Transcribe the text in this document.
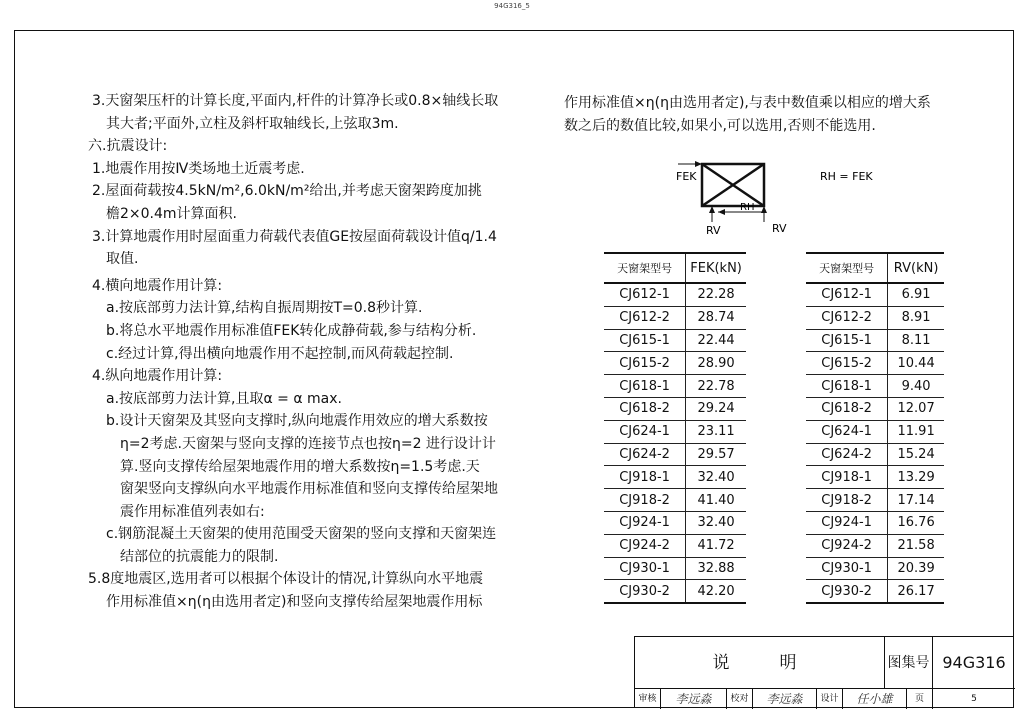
94G316_5

3.天窗架压杆的计算长度,平面内,杆件的计算净长或0.8×轴线长取

其大者;平面外,立柱及斜杆取轴线长,上弦取3m.

六.抗震设计:

1.地震作用按Ⅳ类场地土近震考虑.

2.屋面荷载按4.5kN/m²,6.0kN/m²给出,并考虑天窗架跨度加挑

檐2×0.4m计算面积.

3.计算地震作用时屋面重力荷载代表值GE按屋面荷载设计值q/1.4

取值.

4.横向地震作用计算:

a.按底部剪力法计算,结构自振周期按T=0.8秒计算.

b.将总水平地震作用标准值FEK转化成静荷载,参与结构分析.

c.经过计算,得出横向地震作用不起控制,而风荷载起控制.

4.纵向地震作用计算:

a.按底部剪力法计算,且取α = α max.

b.设计天窗架及其竖向支撑时,纵向地震作用效应的增大系数按

η=2考虑.天窗架与竖向支撑的连接节点也按η=2 进行设计计

算.竖向支撑传给屋架地震作用的增大系数按η=1.5考虑.天

窗架竖向支撑纵向水平地震作用标准值和竖向支撑传给屋架地

震作用标准值列表如右:

c.钢筋混凝土天窗架的使用范围受天窗架的竖向支撑和天窗架连

结部位的抗震能力的限制.

5.8度地震区,选用者可以根据个体设计的情况,计算纵向水平地震

作用标准值×η(η由选用者定)和竖向支撑传给屋架地震作用标

作用标准值×η(η由选用者定),与表中数值乘以相应的增大系

数之后的数值比较,如果小,可以选用,否则不能选用.

FEK
RH
RV	RV
RH = FEK
天窗架型号	FEK(kN)
CJ612-1	22.28
CJ612-2	28.74
CJ615-1	22.44
CJ615-2	28.90
CJ618-1	22.78
CJ618-2	29.24
CJ624-1	23.11
CJ624-2	29.57
CJ918-1	32.40
CJ918-2	41.40
CJ924-1	32.40
CJ924-2	41.72
CJ930-1	32.88
CJ930-2	42.20
天窗架型号	RV(kN)
CJ612-1	6.91
CJ612-2	8.91
CJ615-1	8.11
CJ615-2	10.44
CJ618-1	9.40
CJ618-2	12.07
CJ624-1	11.91
CJ624-2	15.24
CJ918-1	13.29
CJ918-2	17.14
CJ924-1	16.76
CJ924-2	21.58
CJ930-1	20.39
CJ930-2	26.17
说明	图集号 94G316
审核	李远淼	校对	李远淼	设计	任小雄	页	5
